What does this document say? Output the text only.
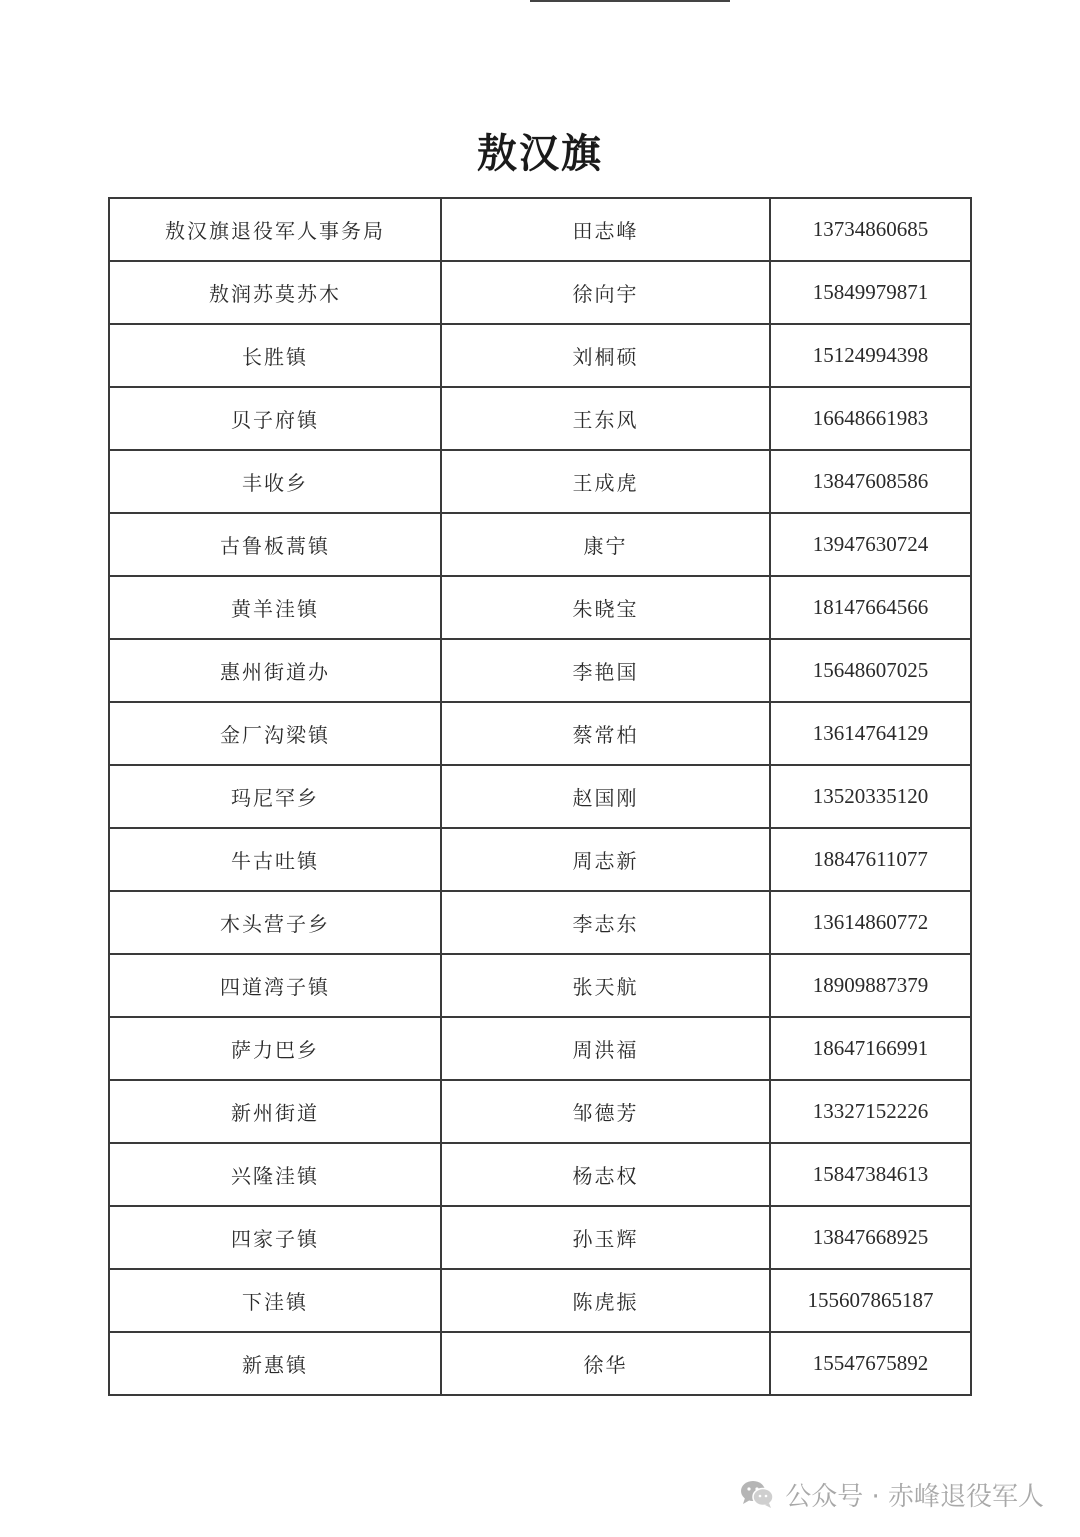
敖汉旗
敖汉旗退役军人事务局	田志峰	13734860685
敖润苏莫苏木	徐向宇	15849979871
长胜镇	刘桐硕	15124994398
贝子府镇	王东风	16648661983
丰收乡	王成虎	13847608586
古鲁板蒿镇	康宁	13947630724
黄羊洼镇	朱晓宝	18147664566
惠州街道办	李艳国	15648607025
金厂沟梁镇	蔡常柏	13614764129
玛尼罕乡	赵国刚	13520335120
牛古吐镇	周志新	18847611077
木头营子乡	李志东	13614860772
四道湾子镇	张天航	18909887379
萨力巴乡	周洪福	18647166991
新州街道	邹德芳	13327152226
兴隆洼镇	杨志权	15847384613
四家子镇	孙玉辉	13847668925
下洼镇	陈虎振	155607865187
新惠镇	徐华	15547675892
公众号 · 赤峰退役军人
